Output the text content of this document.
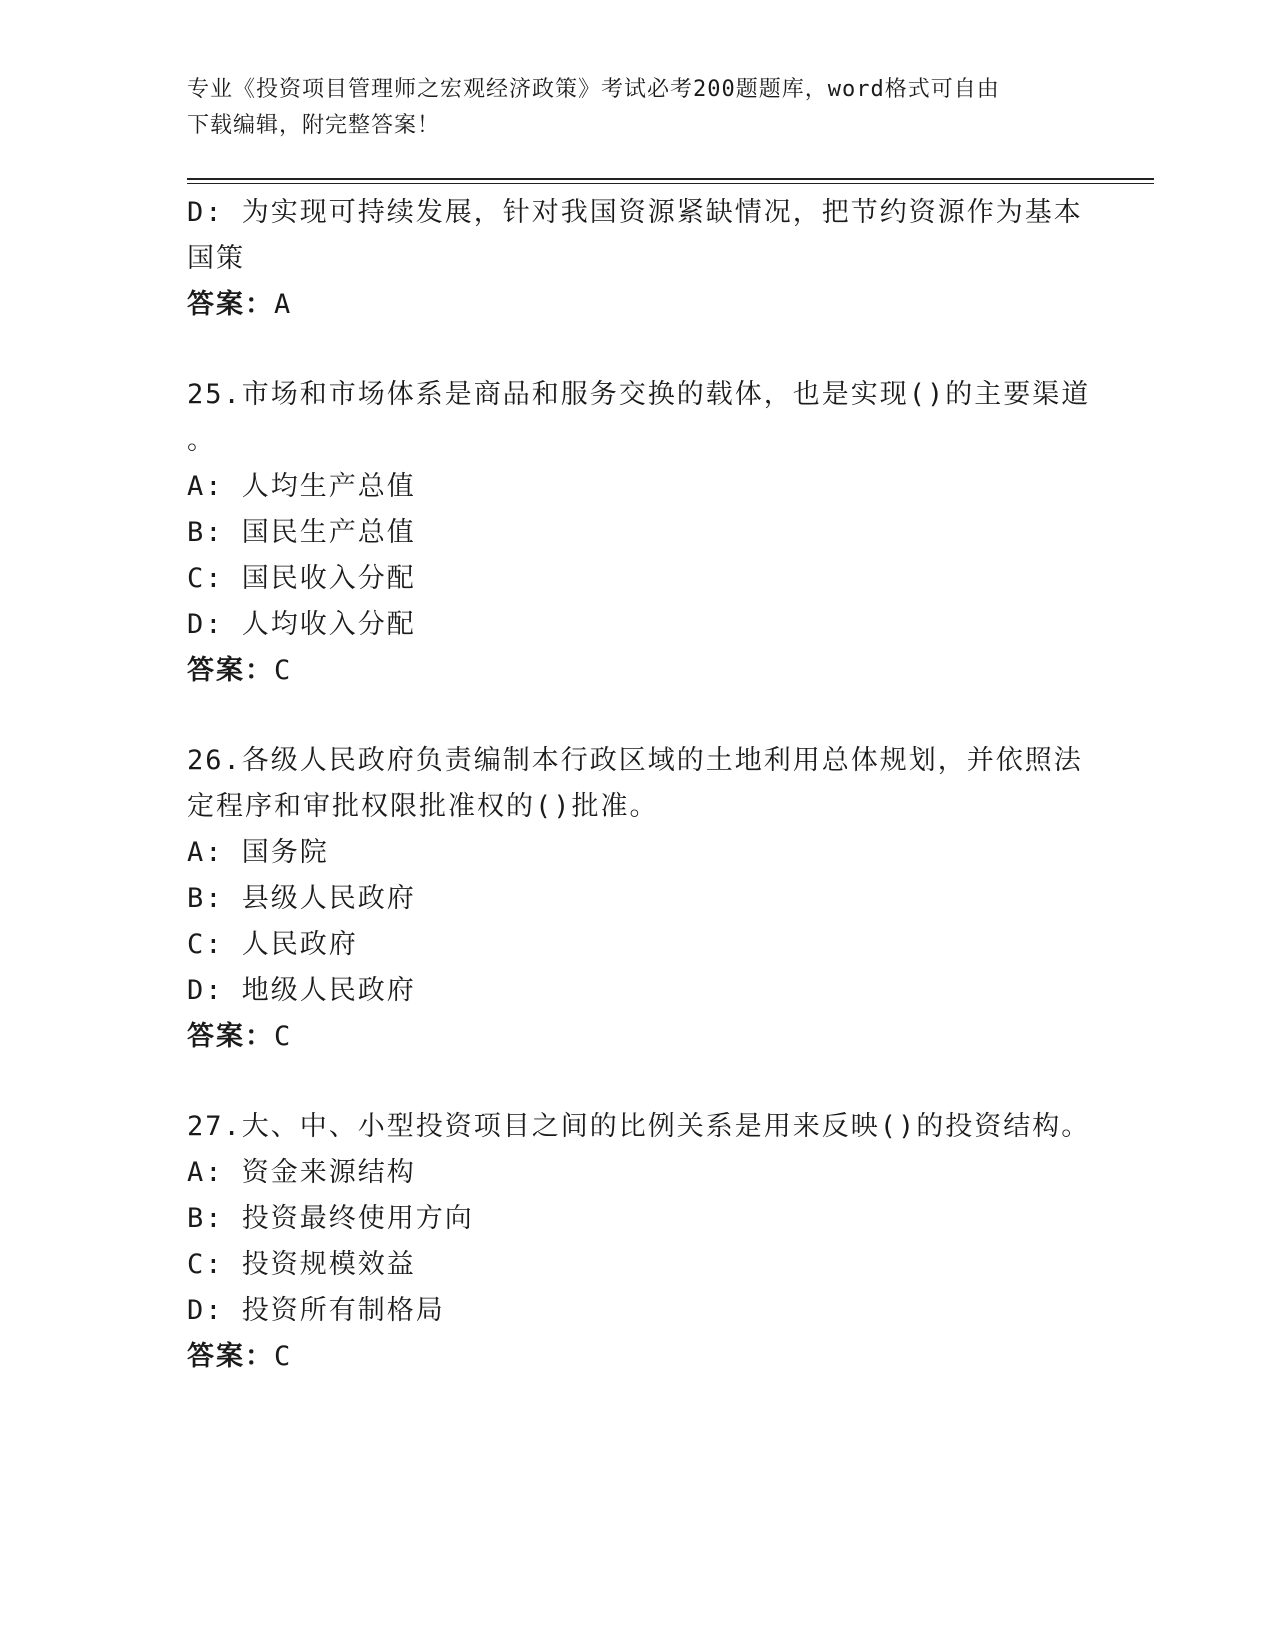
专业《投资项目管理师之宏观经济政策》考试必考200题题库，word格式可自由
下载编辑，附完整答案！
D: 为实现可持续发展，针对我国资源紧缺情况，把节约资源作为基本
国策
答案：A
25.市场和市场体系是商品和服务交换的载体，也是实现()的主要渠道
。
A: 人均生产总值
B: 国民生产总值
C: 国民收入分配
D: 人均收入分配
答案：C
26.各级人民政府负责编制本行政区域的土地利用总体规划，并依照法
定程序和审批权限批准权的()批准。
A: 国务院
B: 县级人民政府
C: 人民政府
D: 地级人民政府
答案：C
27.大、中、小型投资项目之间的比例关系是用来反映()的投资结构。
A: 资金来源结构
B: 投资最终使用方向
C: 投资规模效益
D: 投资所有制格局
答案：C
